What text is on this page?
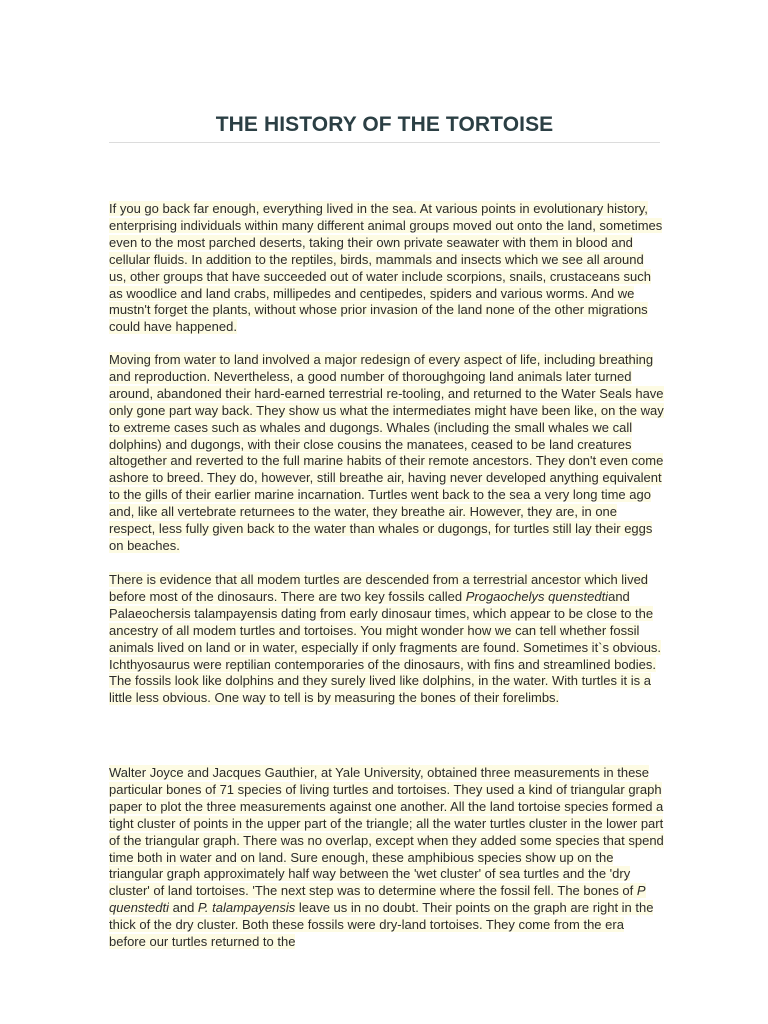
THE HISTORY OF THE TORTOISE

If you go back far enough, everything lived in the sea. At various points in evolutionary history, enterprising individuals within many different animal groups moved out onto the land, sometimes even to the most parched deserts, taking their own private seawater with them in blood and cellular fluids. In addition to the reptiles, birds, mammals and insects which we see all around us, other groups that have succeeded out of water include scorpions, snails, crustaceans such as woodlice and land crabs, millipedes and centipedes, spiders and various worms. And we mustn't forget the plants, without whose prior invasion of the land none of the other migrations could have happened.

Moving from water to land involved a major redesign of every aspect of life, including breathing and reproduction. Nevertheless, a good number of thoroughgoing land animals later turned around, abandoned their hard-earned terrestrial re-tooling, and returned to the Water Seals have only gone part way back. They show us what the intermediates might have been like, on the way to extreme cases such as whales and dugongs. Whales (including the small whales we call dolphins) and dugongs, with their close cousins the manatees, ceased to be land creatures altogether and reverted to the full marine habits of their remote ancestors. They don't even come ashore to breed. They do, however, still breathe air, having never developed anything equivalent to the gills of their earlier marine incarnation. Turtles went back to the sea a very long time ago and, like all vertebrate returnees to the water, they breathe air. However, they are, in one respect, less fully given back to the water than whales or dugongs, for turtles still lay their eggs on beaches.

There is evidence that all modem turtles are descended from a terrestrial ancestor which lived before most of the dinosaurs. There are two key fossils called Progaochelys quenstedtiand Palaeochersis talampayensis dating from early dinosaur times, which appear to be close to the ancestry of all modem turtles and tortoises. You might wonder how we can tell whether fossil animals lived on land or in water, especially if only fragments are found. Sometimes it`s obvious. Ichthyosaurus were reptilian contemporaries of the dinosaurs, with fins and streamlined bodies. The fossils look like dolphins and they surely lived like dolphins, in the water. With turtles it is a little less obvious. One way to tell is by measuring the bones of their forelimbs.

Walter Joyce and Jacques Gauthier, at Yale University, obtained three measurements in these particular bones of 71 species of living turtles and tortoises. They used a kind of triangular graph paper to plot the three measurements against one another. All the land tortoise species formed a tight cluster of points in the upper part of the triangle; all the water turtles cluster in the lower part of the triangular graph. There was no overlap, except when they added some species that spend time both in water and on land. Sure enough, these amphibious species show up on the triangular graph approximately half way between the 'wet cluster' of sea turtles and the 'dry cluster' of land tortoises. 'The next step was to determine where the fossil fell. The bones of P quenstedti and P. talampayensis leave us in no doubt. Their points on the graph are right in the thick of the dry cluster. Both these fossils were dry-land tortoises. They come from the era before our turtles returned to the
